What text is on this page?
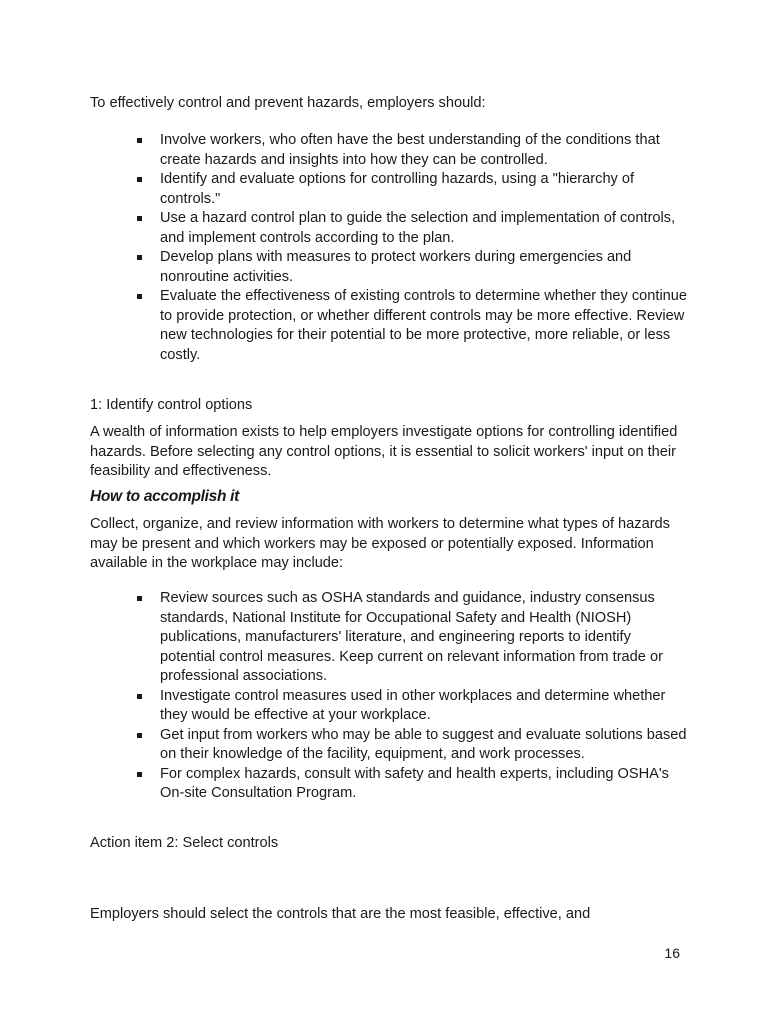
To effectively control and prevent hazards, employers should:

Involve workers, who often have the best understanding of the conditions that create hazards and insights into how they can be controlled.
Identify and evaluate options for controlling hazards, using a "hierarchy of controls."
Use a hazard control plan to guide the selection and implementation of controls, and implement controls according to the plan.
Develop plans with measures to protect workers during emergencies and nonroutine activities.
Evaluate the effectiveness of existing controls to determine whether they continue to provide protection, or whether different controls may be more effective. Review new technologies for their potential to be more protective, more reliable, or less costly.

1: Identify control options

A wealth of information exists to help employers investigate options for controlling identified hazards. Before selecting any control options, it is essential to solicit workers' input on their feasibility and effectiveness.

How to accomplish it

Collect, organize, and review information with workers to determine what types of hazards may be present and which workers may be exposed or potentially exposed. Information available in the workplace may include:

Review sources such as OSHA standards and guidance, industry consensus standards, National Institute for Occupational Safety and Health (NIOSH) publications, manufacturers' literature, and engineering reports to identify potential control measures. Keep current on relevant information from trade or professional associations.
Investigate control measures used in other workplaces and determine whether they would be effective at your workplace.
Get input from workers who may be able to suggest and evaluate solutions based on their knowledge of the facility, equipment, and work processes.
For complex hazards, consult with safety and health experts, including OSHA's On-site Consultation Program.

Action item 2: Select controls

Employers should select the controls that are the most feasible, effective, and

16
